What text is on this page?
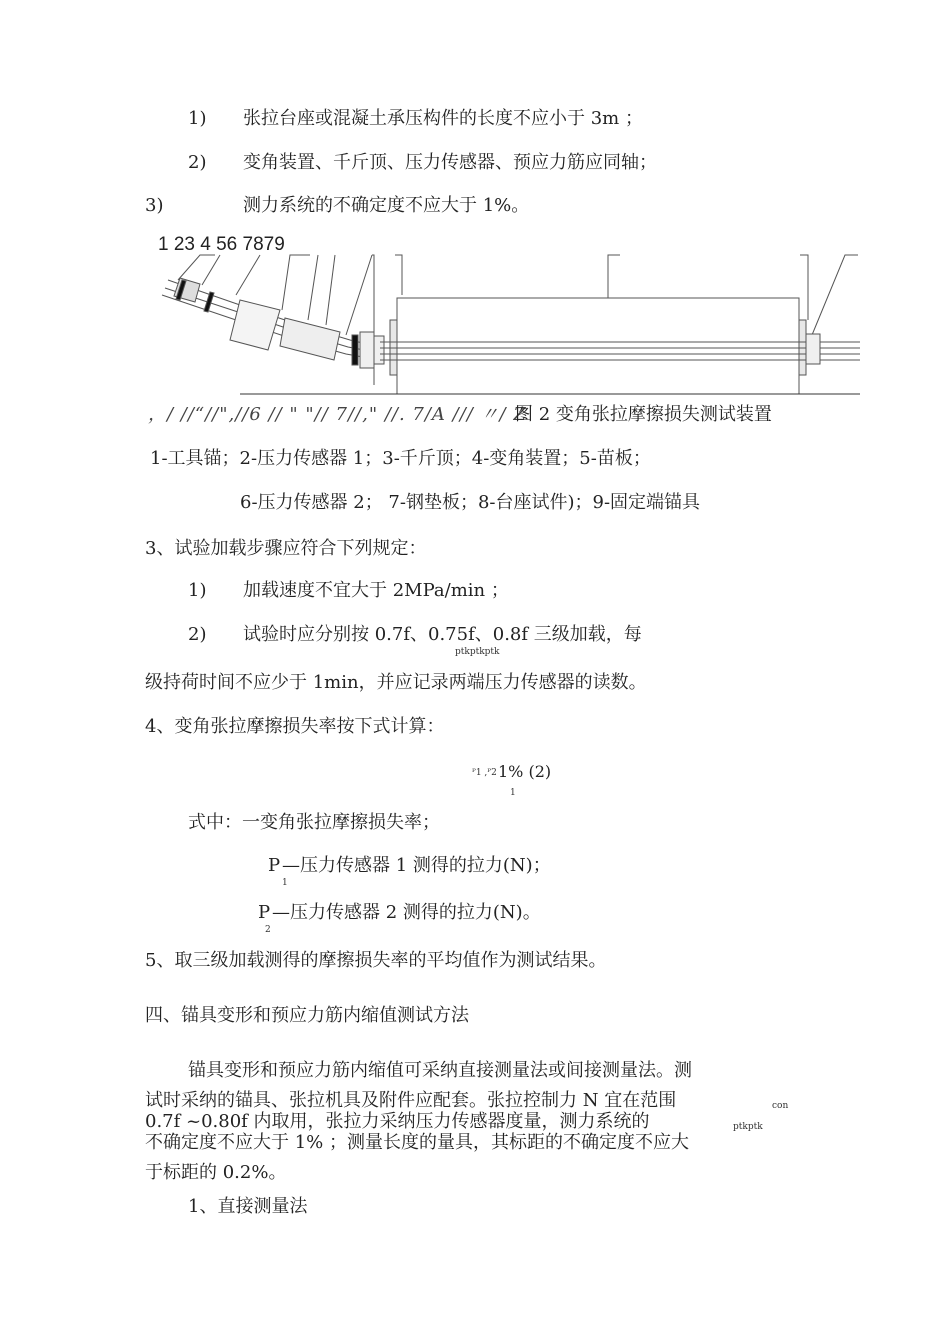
1) 张拉台座或混凝土承压构件的长度不应小于 3m ；
2) 变角装置、千斤顶、压力传感器、预应力筋应同轴；
3)	测力系统的不确定度不应大于 1%。
1 23 4 56 7879
，/ //“//",//6 // " "// 7//," //. 7/A /// 〃/ Z
图 2 变角张拉摩擦损失测试装置
1-工具锚；2-压力传感器 1；3-千斤顶；4-变角装置；5-苗板；
6-压力传感器 2； 7-钢垫板；8-台座试件)；9-固定端锚具
3、试验加载步骤应符合下列规定：
1) 加载速度不宜大于 2MPa/min ；
2) 试验时应分别按 0.7f、0.75f、0.8f 三级加载，每
ptkptkptk
级持荷时间不应少于 1min，并应记录两端压力传感器的读数。
4、变角张拉摩擦损失率按下式计算：
ᴾ1 ,ᴾ2 1% (2)
1
式中：一变角张拉摩擦损失率；
P
1
—压力传感器 1 测得的拉力(N)；
P
2
—压力传感器 2 测得的拉力(N)。
5、取三级加载测得的摩擦损失率的平均值作为测试结果。
四、锚具变形和预应力筋内缩值测试方法
锚具变形和预应力筋内缩值可采纳直接测量法或间接测量法。测
试时采纳的锚具、张拉机具及附件应配套。张拉控制力 N 宜在范围	con
0.7f ~0.80f 内取用，张拉力采纳压力传感器度量，测力系统的	ptkptk
不确定度不应大于 1% ；测量长度的量具，其标距的不确定度不应大
于标距的 0.2%。
1、直接测量法
